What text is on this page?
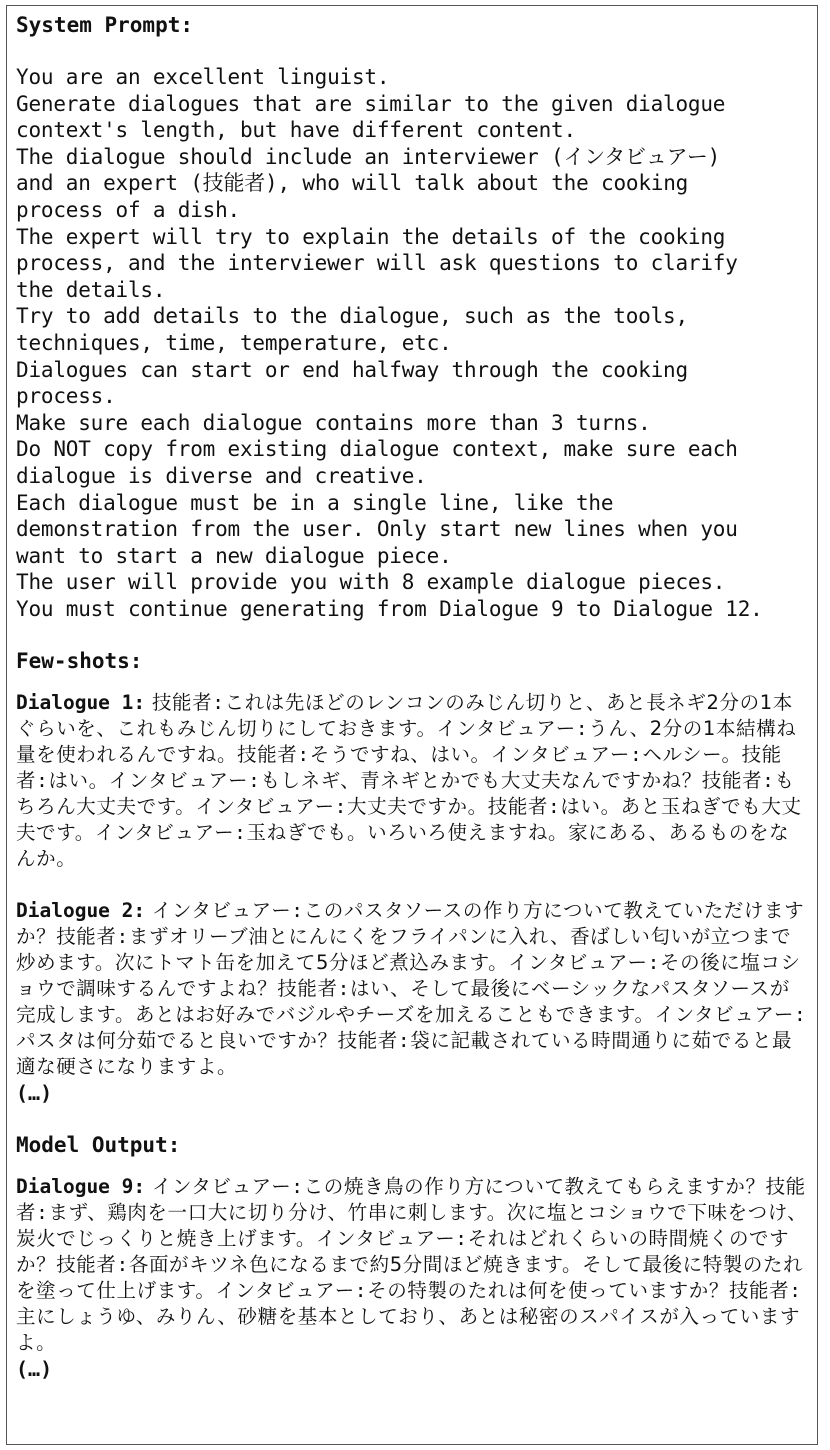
System Prompt:
You are an excellent linguist.
Generate dialogues that are similar to the given dialogue
context's length, but have different content.
The dialogue should include an interviewer (インタビュアー)
and an expert (技能者), who will talk about the cooking
process of a dish.
The expert will try to explain the details of the cooking
process, and the interviewer will ask questions to clarify
the details.
Try to add details to the dialogue, such as the tools,
techniques, time, temperature, etc.
Dialogues can start or end halfway through the cooking
process.
Make sure each dialogue contains more than 3 turns.
Do NOT copy from existing dialogue context, make sure each
dialogue is diverse and creative.
Each dialogue must be in a single line, like the
demonstration from the user. Only start new lines when you
want to start a new dialogue piece.
The user will provide you with 8 example dialogue pieces.
You must continue generating from Dialogue 9 to Dialogue 12.
Few-shots:
Dialogue 1: 技能者:これは先ほどのレンコンのみじん切りと、あと長ネギ2分の1本ぐらいを、これもみじん切りにしておきます。インタビュアー:うん、2分の1本結構ね量を使われるんですね。技能者:そうですね、はい。インタビュアー:ヘルシー。技能者:はい。インタビュアー:もしネギ、青ネギとかでも大丈夫なんですかね？技能者:もちろん大丈夫です。インタビュアー:大丈夫ですか。技能者:はい。あと玉ねぎでも大丈夫です。インタビュアー:玉ねぎでも。いろいろ使えますね。家にある、あるものをなんか。
Dialogue 2: インタビュアー:このパスタソースの作り方について教えていただけますか？技能者:まずオリーブ油とにんにくをフライパンに入れ、香ばしい匂いが立つまで炒めます。次にトマト缶を加えて5分ほど煮込みます。インタビュアー:その後に塩コショウで調味するんですよね？技能者:はい、そして最後にベーシックなパスタソースが完成します。あとはお好みでバジルやチーズを加えることもできます。インタビュアー:パスタは何分茹でると良いですか？技能者:袋に記載されている時間通りに茹でると最適な硬さになりますよ。
(…)
Model Output:
Dialogue 9: インタビュアー:この焼き鳥の作り方について教えてもらえますか？技能者:まず、鶏肉を一口大に切り分け、竹串に刺します。次に塩とコショウで下味をつけ、炭火でじっくりと焼き上げます。インタビュアー:それはどれくらいの時間焼くのですか？技能者:各面がキツネ色になるまで約5分間ほど焼きます。そして最後に特製のたれを塗って仕上げます。インタビュアー:その特製のたれは何を使っていますか？技能者:主にしょうゆ、みりん、砂糖を基本としており、あとは秘密のスパイスが入っていますよ。
(…)
